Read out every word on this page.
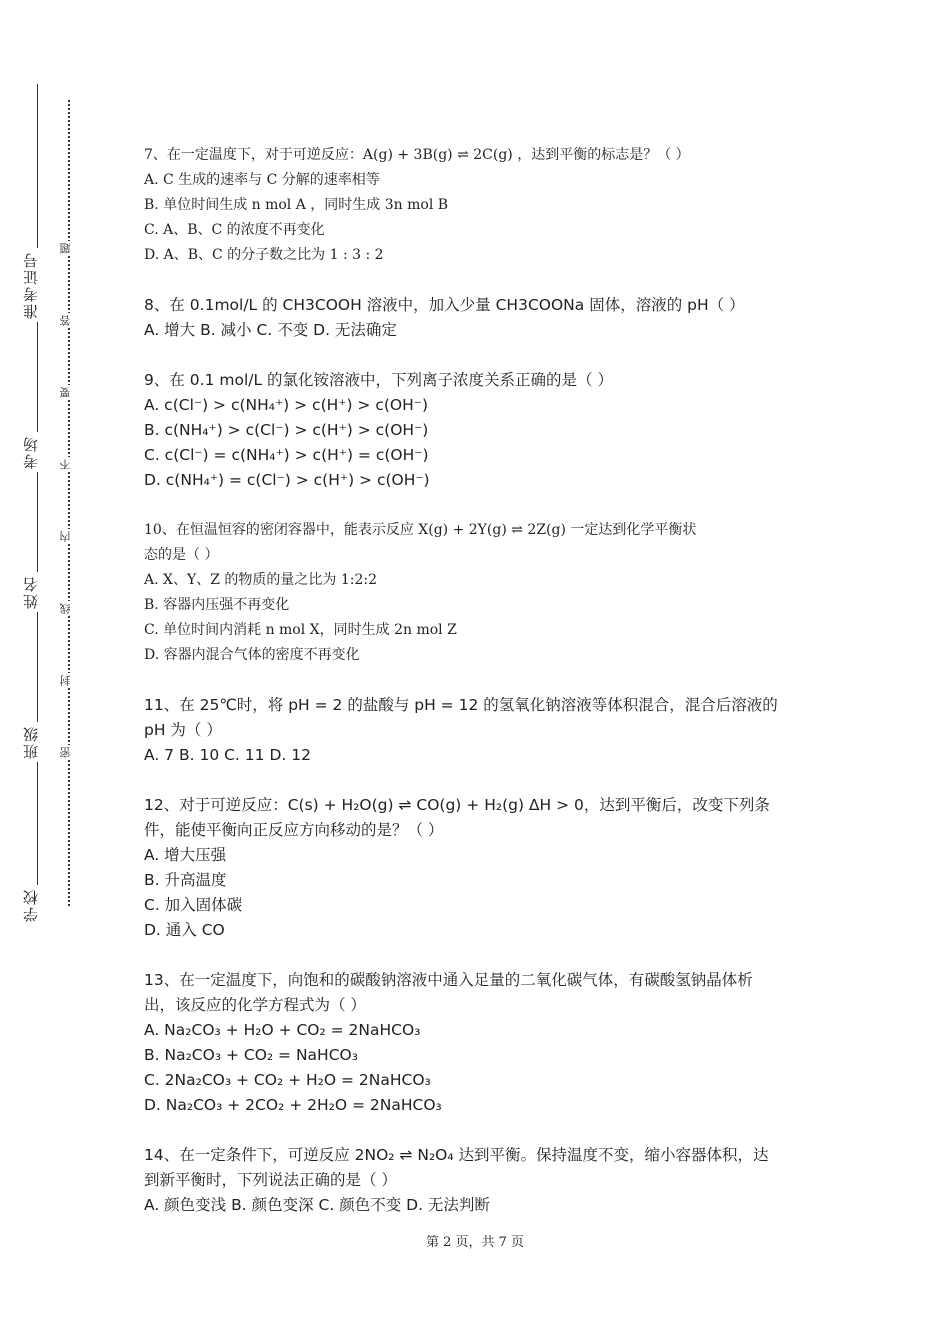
准考证号
考场
姓名
班级
学校
题
答
要
不
内
线
封
密
7、在一定温度下，对于可逆反应：A(g) + 3B(g) ⇌ 2C(g) ，达到平衡的标志是？（ ）
A. C 生成的速率与 C 分解的速率相等
B. 单位时间生成 n mol A ，同时生成 3n mol B
C. A、B、C 的浓度不再变化
D. A、B、C 的分子数之比为 1 : 3 : 2
8、在 0.1mol/L 的 CH3COOH 溶液中，加入少量 CH3COONa 固体，溶液的 pH（ ）
A. 增大 B. 减小 C. 不变 D. 无法确定
9、在 0.1 mol/L 的氯化铵溶液中，下列离子浓度关系正确的是（ ）
A. c(Cl⁻) > c(NH₄⁺) > c(H⁺) > c(OH⁻)
B. c(NH₄⁺) > c(Cl⁻) > c(H⁺) > c(OH⁻)
C. c(Cl⁻) = c(NH₄⁺) > c(H⁺) = c(OH⁻)
D. c(NH₄⁺) = c(Cl⁻) > c(H⁺) > c(OH⁻)
10、在恒温恒容的密闭容器中，能表示反应 X(g) + 2Y(g) ⇌ 2Z(g) 一定达到化学平衡状
态的是（ ）
A. X、Y、Z 的物质的量之比为 1:2:2
B. 容器内压强不再变化
C. 单位时间内消耗 n mol X，同时生成 2n mol Z
D. 容器内混合气体的密度不再变化
11、在 25℃时，将 pH = 2 的盐酸与 pH = 12 的氢氧化钠溶液等体积混合，混合后溶液的
pH 为（ ）
A. 7 B. 10 C. 11 D. 12
12、对于可逆反应：C(s) + H₂O(g) ⇌ CO(g) + H₂(g) ΔH > 0，达到平衡后，改变下列条
件，能使平衡向正反应方向移动的是？（ ）
A. 增大压强
B. 升高温度
C. 加入固体碳
D. 通入 CO
13、在一定温度下，向饱和的碳酸钠溶液中通入足量的二氧化碳气体，有碳酸氢钠晶体析
出，该反应的化学方程式为（ ）
A. Na₂CO₃ + H₂O + CO₂ = 2NaHCO₃
B. Na₂CO₃ + CO₂ = NaHCO₃
C. 2Na₂CO₃ + CO₂ + H₂O = 2NaHCO₃
D. Na₂CO₃ + 2CO₂ + 2H₂O = 2NaHCO₃
14、在一定条件下，可逆反应 2NO₂ ⇌ N₂O₄ 达到平衡。保持温度不变，缩小容器体积，达
到新平衡时，下列说法正确的是（ ）
A. 颜色变浅 B. 颜色变深 C. 颜色不变 D. 无法判断
第 2 页，共 7 页
